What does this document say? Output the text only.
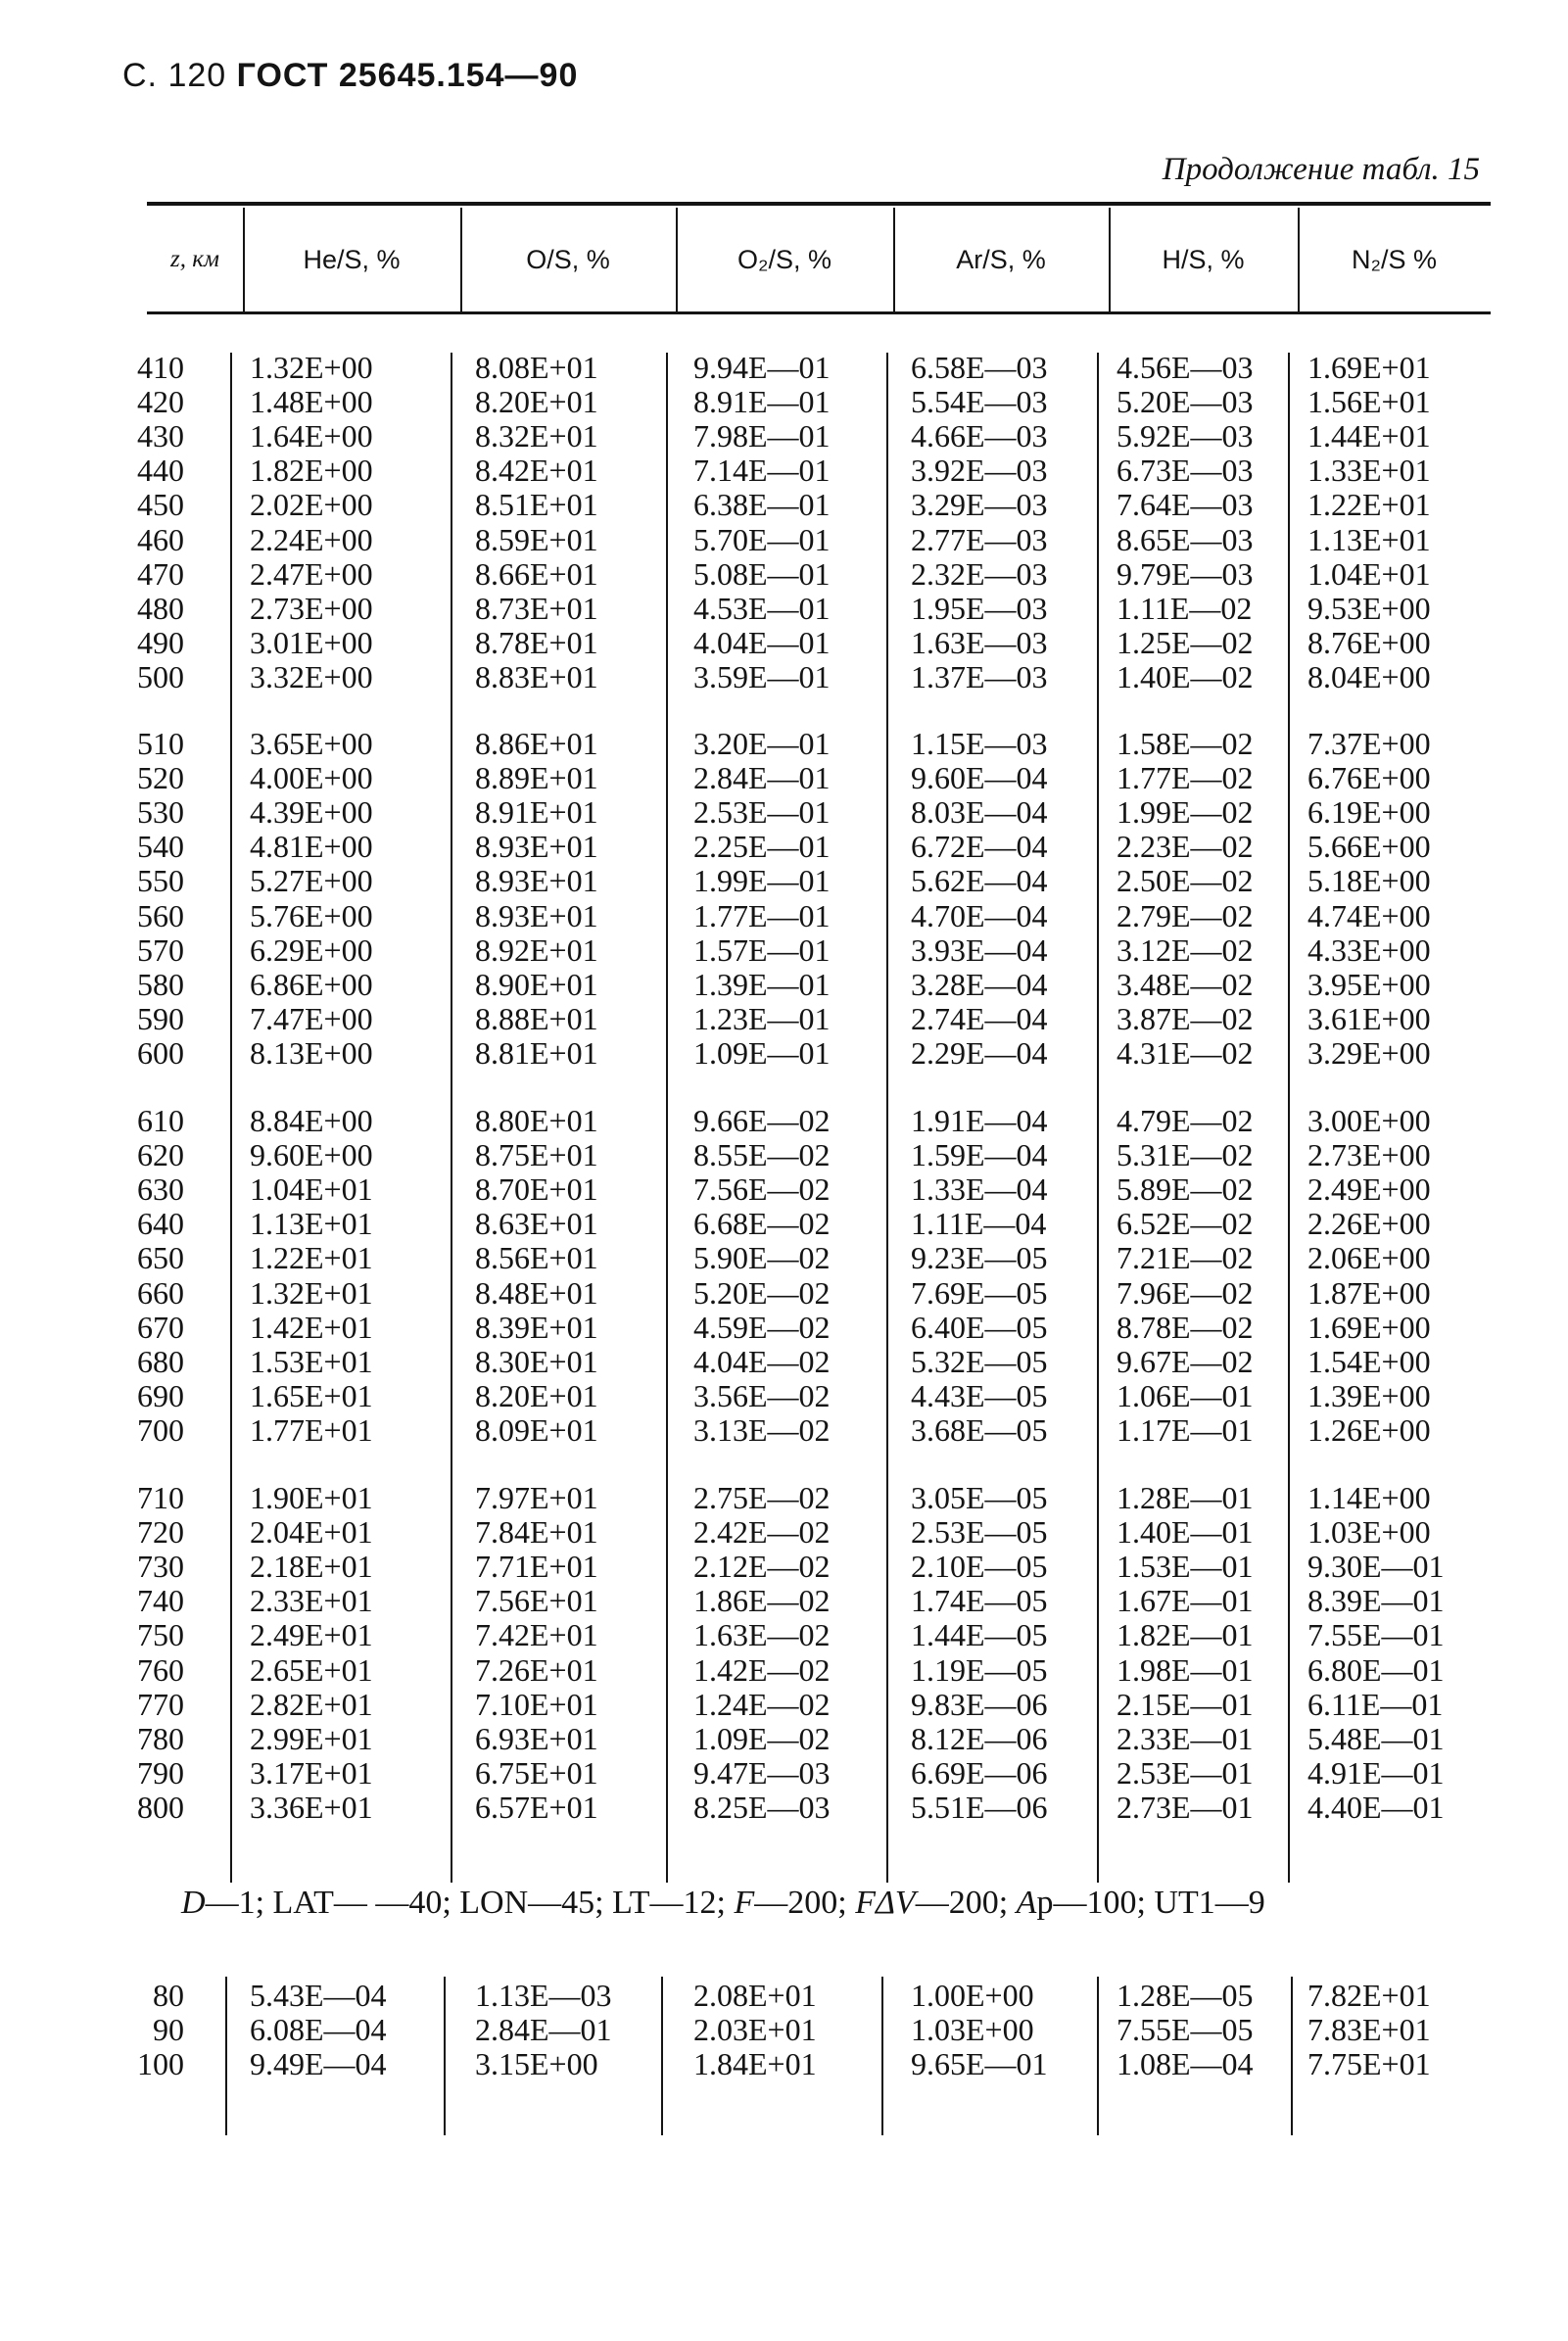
С. 120 ГОСТ 25645.154—90
Продолжение табл. 15
z, км	He/S, %	O/S, %	O₂/S, %	Ar/S, %	H/S, %	N₂/S %
410 1.32E+00	8.08E+01	9.94E—01	6.58E—03 4.56E—03 1.69E+01
420 1.48E+00	8.20E+01	8.91E—01	5.54E—03 5.20E—03 1.56E+01
430 1.64E+00	8.32E+01	7.98E—01	4.66E—03 5.92E—03 1.44E+01
440 1.82E+00	8.42E+01	7.14E—01	3.92E—03 6.73E—03 1.33E+01
450 2.02E+00	8.51E+01	6.38E—01	3.29E—03 7.64E—03 1.22E+01
460 2.24E+00	8.59E+01	5.70E—01	2.77E—03 8.65E—03 1.13E+01
470 2.47E+00	8.66E+01	5.08E—01	2.32E—03 9.79E—03 1.04E+01
480 2.73E+00	8.73E+01	4.53E—01	1.95E—03 1.11E—02 9.53E+00
490 3.01E+00	8.78E+01	4.04E—01	1.63E—03 1.25E—02 8.76E+00
500 3.32E+00	8.83E+01	3.59E—01	1.37E—03 1.40E—02 8.04E+00
510 3.65E+00	8.86E+01	3.20E—01	1.15E—03 1.58E—02 7.37E+00
520 4.00E+00	8.89E+01	2.84E—01	9.60E—04 1.77E—02 6.76E+00
530 4.39E+00	8.91E+01	2.53E—01	8.03E—04 1.99E—02 6.19E+00
540 4.81E+00	8.93E+01	2.25E—01	6.72E—04 2.23E—02 5.66E+00
550 5.27E+00	8.93E+01	1.99E—01	5.62E—04 2.50E—02 5.18E+00
560 5.76E+00	8.93E+01	1.77E—01	4.70E—04 2.79E—02 4.74E+00
570 6.29E+00	8.92E+01	1.57E—01	3.93E—04 3.12E—02 4.33E+00
580 6.86E+00	8.90E+01	1.39E—01	3.28E—04 3.48E—02 3.95E+00
590 7.47E+00	8.88E+01	1.23E—01	2.74E—04 3.87E—02 3.61E+00
600 8.13E+00	8.81E+01	1.09E—01	2.29E—04 4.31E—02 3.29E+00
610 8.84E+00	8.80E+01	9.66E—02	1.91E—04 4.79E—02 3.00E+00
620 9.60E+00	8.75E+01	8.55E—02	1.59E—04 5.31E—02 2.73E+00
630 1.04E+01	8.70E+01	7.56E—02	1.33E—04 5.89E—02 2.49E+00
640 1.13E+01	8.63E+01	6.68E—02	1.11E—04 6.52E—02 2.26E+00
650 1.22E+01	8.56E+01	5.90E—02	9.23E—05 7.21E—02 2.06E+00
660 1.32E+01	8.48E+01	5.20E—02	7.69E—05 7.96E—02 1.87E+00
670 1.42E+01	8.39E+01	4.59E—02	6.40E—05 8.78E—02 1.69E+00
680 1.53E+01	8.30E+01	4.04E—02	5.32E—05 9.67E—02 1.54E+00
690 1.65E+01	8.20E+01	3.56E—02	4.43E—05 1.06E—01 1.39E+00
700 1.77E+01	8.09E+01	3.13E—02	3.68E—05 1.17E—01 1.26E+00
710 1.90E+01	7.97E+01	2.75E—02	3.05E—05 1.28E—01 1.14E+00
720 2.04E+01	7.84E+01	2.42E—02	2.53E—05 1.40E—01 1.03E+00
730 2.18E+01	7.71E+01	2.12E—02	2.10E—05 1.53E—01 9.30E—01
740 2.33E+01	7.56E+01	1.86E—02	1.74E—05 1.67E—01 8.39E—01
750 2.49E+01	7.42E+01	1.63E—02	1.44E—05 1.82E—01 7.55E—01
760 2.65E+01	7.26E+01	1.42E—02	1.19E—05 1.98E—01 6.80E—01
770 2.82E+01	7.10E+01	1.24E—02	9.83E—06 2.15E—01 6.11E—01
780 2.99E+01	6.93E+01	1.09E—02	8.12E—06 2.33E—01 5.48E—01
790 3.17E+01	6.75E+01	9.47E—03	6.69E—06 2.53E—01 4.91E—01
800 3.36E+01	6.57E+01	8.25E—03	5.51E—06 2.73E—01 4.40E—01
D—1; LAT— —40; LON—45; LT—12; F—200; FΔV—200; Ap—100; UT1—9
80 5.43E—04	1.13E—03	2.08E+01	1.00E+00	1.28E—05 7.82E+01
90 6.08E—04	2.84E—01	2.03E+01	1.03E+00	7.55E—05 7.83E+01
100 9.49E—04	3.15E+00	1.84E+01	9.65E—01 1.08E—04 7.75E+01
